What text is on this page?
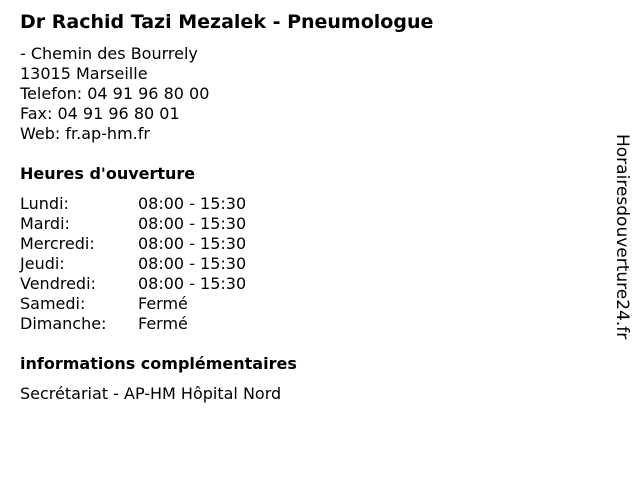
Dr Rachid Tazi Mezalek - Pneumologue
- Chemin des Bourrely
13015 Marseille
Telefon: 04 91 96 80 00
Fax: 04 91 96 80 01
Web: fr.ap-hm.fr
Heures d'ouverture
Lundi:	08:00 - 15:30
Mardi:	08:00 - 15:30
Mercredi:	08:00 - 15:30
Jeudi:	08:00 - 15:30
Vendredi:	08:00 - 15:30
Samedi:	Fermé
Dimanche: Fermé
informations complémentaires
Secrétariat - AP-HM Hôpital Nord
Horairesdouverture24.fr
